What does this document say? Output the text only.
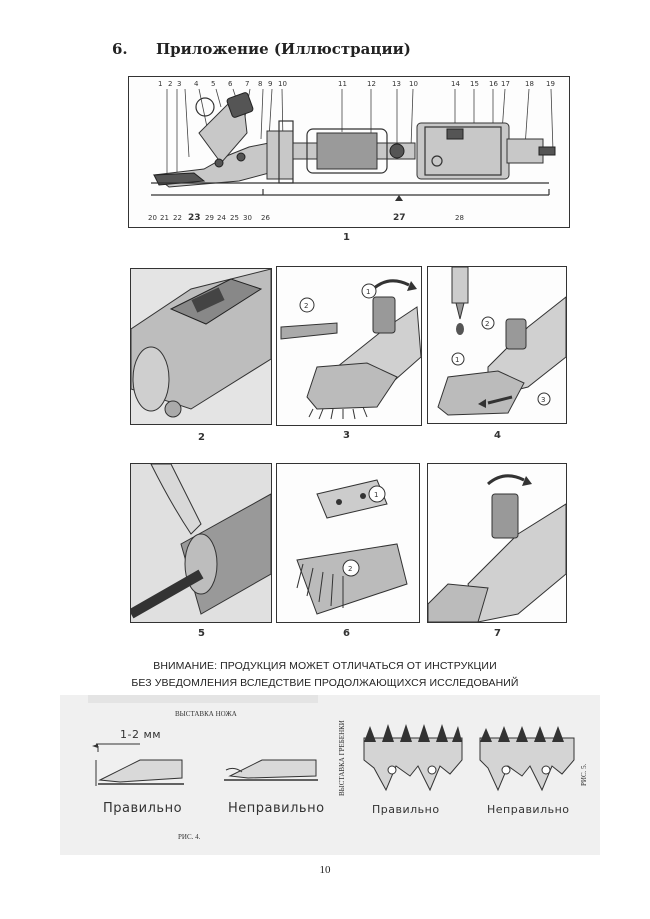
6. Приложение (Иллюстрации)
1
1 2 3 4 5 6 7 8 9 10	11	12 13 10	14 15 16 17 18 19
20 21 22 23 29 24 25 30 26	27	28
2
1
2
3
2
1
3
4
5
1
2
6	7
ВНИМАНИЕ: ПРОДУКЦИЯ МОЖЕТ ОТЛИЧАТЬСЯ ОТ ИНСТРУКЦИИ
БЕЗ УВЕДОМЛЕНИЯ ВСЛЕДСТВИЕ ПРОДОЛЖАЮЩИХСЯ ИССЛЕДОВАНИЙ
ВЫСТАВКА НОЖА
1-2 мм
Правильно	Неправильно
РИС. 4.
ВЫСТАВКА ГРЕБЕНКИ
Правильно	Неправильно
РИС. 5.
10
